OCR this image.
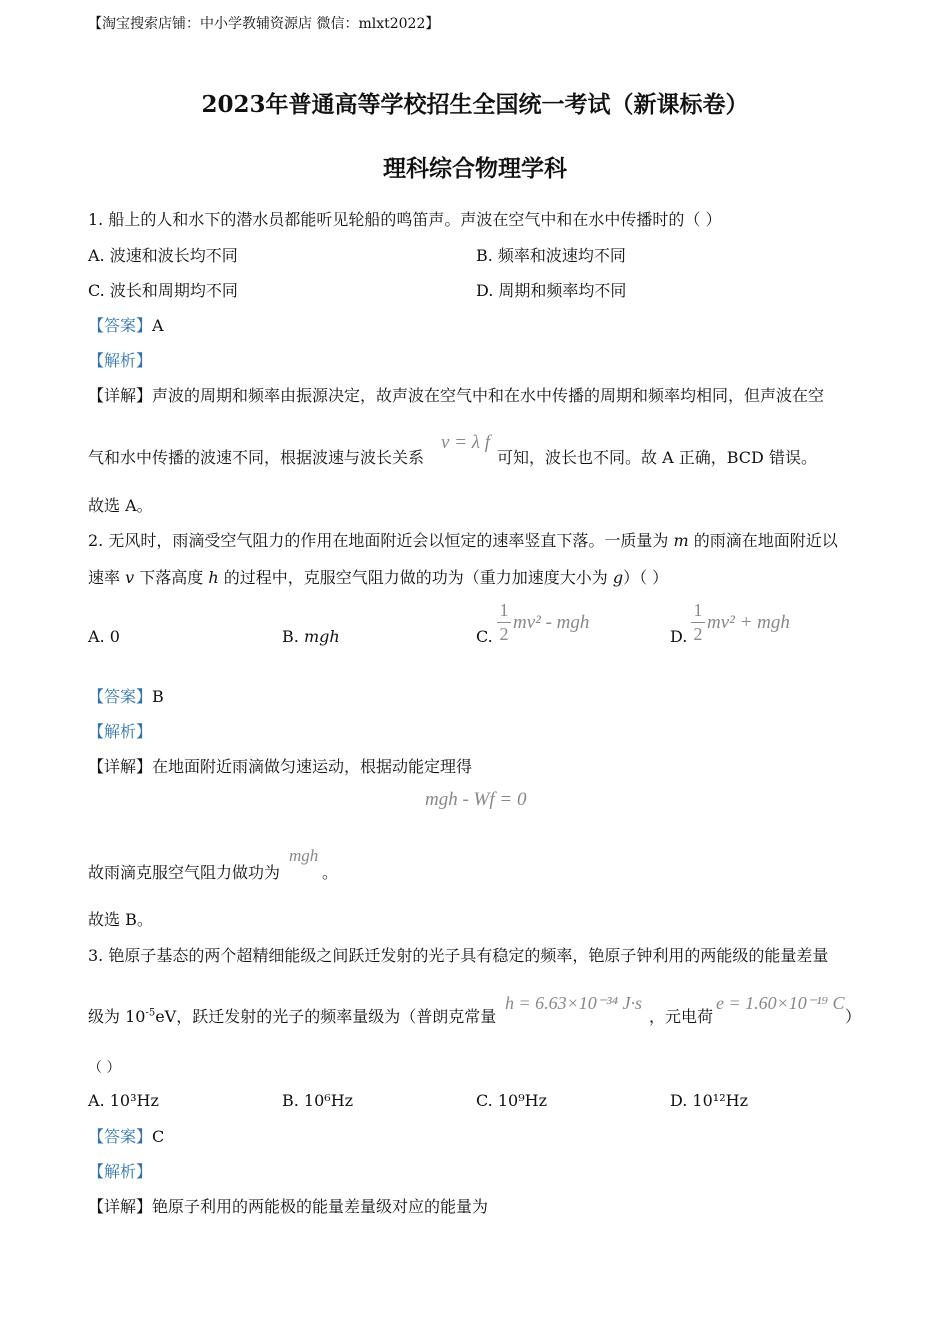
【淘宝搜索店铺：中小学教辅资源店 微信：mlxt2022】
2023年普通高等学校招生全国统一考试（新课标卷）
理科综合物理学科
1. 船上的人和水下的潜水员都能听见轮船的鸣笛声。声波在空气中和在水中传播时的（ ）
A. 波速和波长均不同	B. 频率和波速均不同
C. 波长和周期均不同	D. 周期和频率均不同
【答案】A
【解析】
【详解】声波的周期和频率由振源决定，故声波在空气中和在水中传播的周期和频率均相同，但声波在空
气和水中传播的波速不同，根据波速与波长关系
v = λ f
可知，波长也不同。故 A 正确，BCD 错误。
故选 A。
2. 无风时，雨滴受空气阻力的作用在地面附近会以恒定的速率竖直下落。一质量为 m 的雨滴在地面附近以
速率 v 下落高度 h 的过程中，克服空气阻力做的功为（重力加速度大小为 g）（ ）
A. 0	B. mgh	C.
1
2
mv² - mgh
D.
1
2
mv² + mgh
【答案】B
【解析】
【详解】在地面附近雨滴做匀速运动，根据动能定理得
mgh - Wf = 0
故雨滴克服空气阻力做功为
mgh
。
故选 B。
3. 铯原子基态的两个超精细能级之间跃迁发射的光子具有稳定的频率，铯原子钟利用的两能级的能量差量
级为 $10^{-5}eV$，跃迁发射的光子的频率量级为（普朗克常量
h = 6.63×10⁻³⁴ J·s
，元电荷
e = 1.60×10⁻¹⁹ C
）
（ ）
A. 10³Hz	B. 10⁶Hz	C. 10⁹Hz	D. 10¹²Hz
【答案】C
【解析】
【详解】铯原子利用的两能极的能量差量级对应的能量为
